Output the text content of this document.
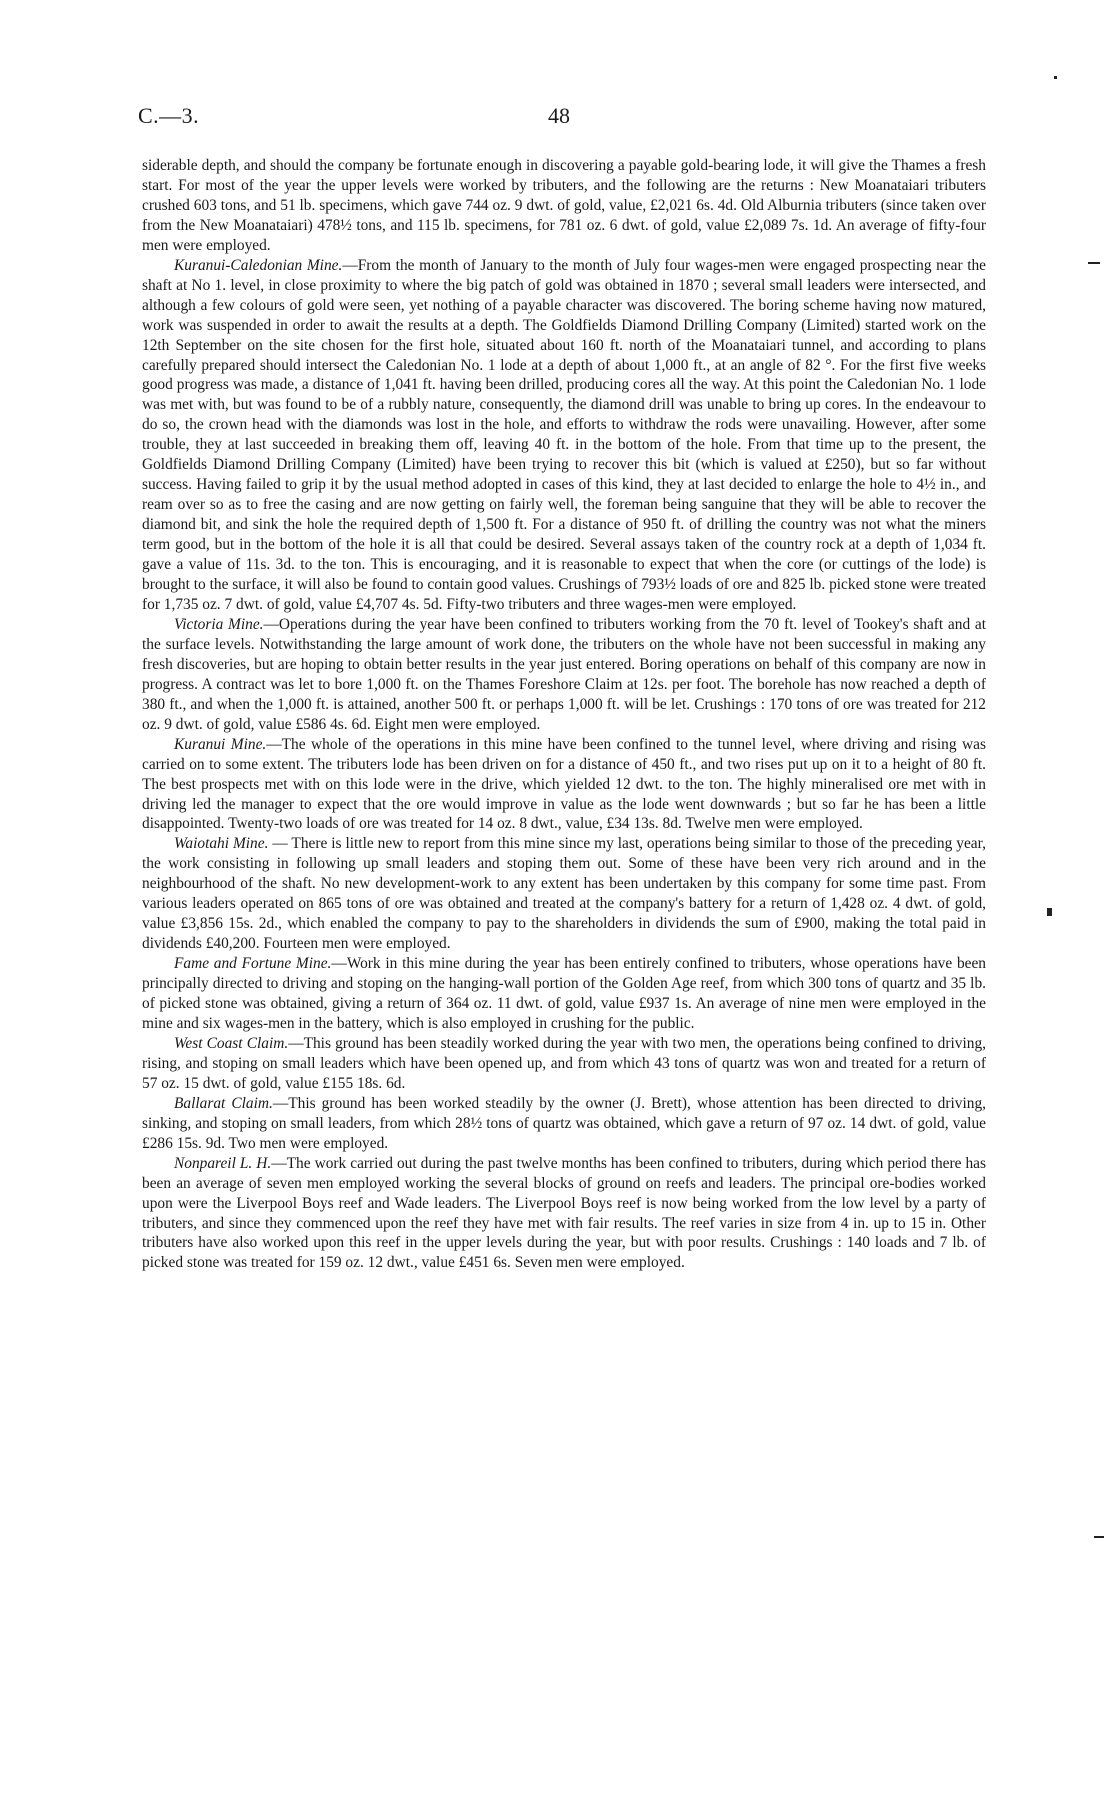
C.—3.	48

siderable depth, and should the company be fortunate enough in discovering a payable gold-bearing lode, it will give the Thames a fresh start. For most of the year the upper levels were worked by tributers, and the following are the returns : New Moanataiari tributers crushed 603 tons, and 51 lb. specimens, which gave 744 oz. 9 dwt. of gold, value, £2,021 6s. 4d. Old Alburnia tributers (since taken over from the New Moanataiari) 478½ tons, and 115 lb. specimens, for 781 oz. 6 dwt. of gold, value £2,089 7s. 1d. An average of fifty-four men were employed.

Kuranui-Caledonian Mine.—From the month of January to the month of July four wages-men were engaged prospecting near the shaft at No 1. level, in close proximity to where the big patch of gold was obtained in 1870 ; several small leaders were intersected, and although a few colours of gold were seen, yet nothing of a payable character was discovered. The boring scheme having now matured, work was suspended in order to await the results at a depth. The Goldfields Diamond Drilling Company (Limited) started work on the 12th September on the site chosen for the first hole, situated about 160 ft. north of the Moanataiari tunnel, and according to plans carefully prepared should intersect the Caledonian No. 1 lode at a depth of about 1,000 ft., at an angle of 82 °. For the first five weeks good progress was made, a distance of 1,041 ft. having been drilled, producing cores all the way. At this point the Caledonian No. 1 lode was met with, but was found to be of a rubbly nature, consequently, the diamond drill was unable to bring up cores. In the endeavour to do so, the crown head with the diamonds was lost in the hole, and efforts to withdraw the rods were unavailing. However, after some trouble, they at last succeeded in breaking them off, leaving 40 ft. in the bottom of the hole. From that time up to the present, the Goldfields Diamond Drilling Company (Limited) have been trying to recover this bit (which is valued at £250), but so far without success. Having failed to grip it by the usual method adopted in cases of this kind, they at last decided to enlarge the hole to 4½ in., and ream over so as to free the casing and are now getting on fairly well, the foreman being sanguine that they will be able to recover the diamond bit, and sink the hole the required depth of 1,500 ft. For a distance of 950 ft. of drilling the country was not what the miners term good, but in the bottom of the hole it is all that could be desired. Several assays taken of the country rock at a depth of 1,034 ft. gave a value of 11s. 3d. to the ton. This is encouraging, and it is reasonable to expect that when the core (or cuttings of the lode) is brought to the surface, it will also be found to contain good values. Crushings of 793½ loads of ore and 825 lb. picked stone were treated for 1,735 oz. 7 dwt. of gold, value £4,707 4s. 5d. Fifty-two tributers and three wages-men were employed.

Victoria Mine.—Operations during the year have been confined to tributers working from the 70 ft. level of Tookey's shaft and at the surface levels. Notwithstanding the large amount of work done, the tributers on the whole have not been successful in making any fresh discoveries, but are hoping to obtain better results in the year just entered. Boring operations on behalf of this company are now in progress. A contract was let to bore 1,000 ft. on the Thames Foreshore Claim at 12s. per foot. The borehole has now reached a depth of 380 ft., and when the 1,000 ft. is attained, another 500 ft. or perhaps 1,000 ft. will be let. Crushings : 170 tons of ore was treated for 212 oz. 9 dwt. of gold, value £586 4s. 6d. Eight men were employed.

Kuranui Mine.—The whole of the operations in this mine have been confined to the tunnel level, where driving and rising was carried on to some extent. The tributers lode has been driven on for a distance of 450 ft., and two rises put up on it to a height of 80 ft. The best prospects met with on this lode were in the drive, which yielded 12 dwt. to the ton. The highly mineralised ore met with in driving led the manager to expect that the ore would improve in value as the lode went downwards ; but so far he has been a little disappointed. Twenty-two loads of ore was treated for 14 oz. 8 dwt., value, £34 13s. 8d. Twelve men were employed.

Waiotahi Mine. — There is little new to report from this mine since my last, operations being similar to those of the preceding year, the work consisting in following up small leaders and stoping them out. Some of these have been very rich around and in the neighbourhood of the shaft. No new development-work to any extent has been undertaken by this company for some time past. From various leaders operated on 865 tons of ore was obtained and treated at the company's battery for a return of 1,428 oz. 4 dwt. of gold, value £3,856 15s. 2d., which enabled the company to pay to the shareholders in dividends the sum of £900, making the total paid in dividends £40,200. Fourteen men were employed.

Fame and Fortune Mine.—Work in this mine during the year has been entirely confined to tributers, whose operations have been principally directed to driving and stoping on the hanging-wall portion of the Golden Age reef, from which 300 tons of quartz and 35 lb. of picked stone was obtained, giving a return of 364 oz. 11 dwt. of gold, value £937 1s. An average of nine men were employed in the mine and six wages-men in the battery, which is also employed in crushing for the public.

West Coast Claim.—This ground has been steadily worked during the year with two men, the operations being confined to driving, rising, and stoping on small leaders which have been opened up, and from which 43 tons of quartz was won and treated for a return of 57 oz. 15 dwt. of gold, value £155 18s. 6d.

Ballarat Claim.—This ground has been worked steadily by the owner (J. Brett), whose attention has been directed to driving, sinking, and stoping on small leaders, from which 28½ tons of quartz was obtained, which gave a return of 97 oz. 14 dwt. of gold, value £286 15s. 9d. Two men were employed.

Nonpareil L. H.—The work carried out during the past twelve months has been confined to tributers, during which period there has been an average of seven men employed working the several blocks of ground on reefs and leaders. The principal ore-bodies worked upon were the Liverpool Boys reef and Wade leaders. The Liverpool Boys reef is now being worked from the low level by a party of tributers, and since they commenced upon the reef they have met with fair results. The reef varies in size from 4 in. up to 15 in. Other tributers have also worked upon this reef in the upper levels during the year, but with poor results. Crushings : 140 loads and 7 lb. of picked stone was treated for 159 oz. 12 dwt., value £451 6s. Seven men were employed.
